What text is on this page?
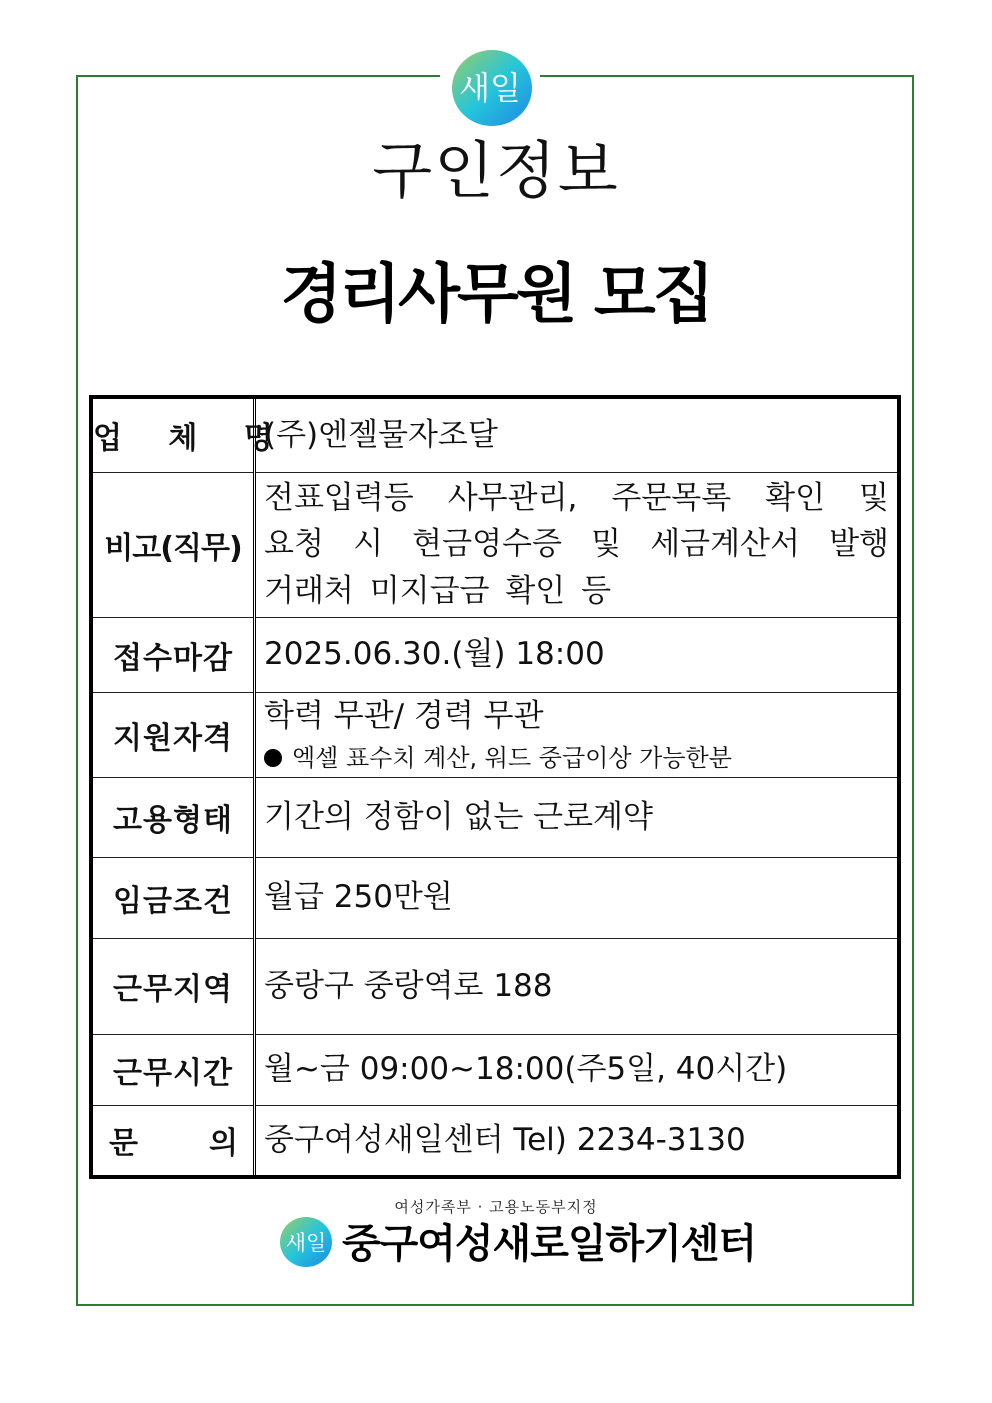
새일
구인정보
경리사무원 모집
업 체 명	(주)엔젤물자조달
비고(직무)	전표입력등 사무관리, 주문목록 확인 및
요청 시 현금영수증 및 세금계산서 발행
거래처 미지급금 확인 등

접수마감	2025.06.30.(월) 18:00
지원자격	학력 무관/ 경력 무관
엑셀 표수치 계산, 워드 중급이상 가능한분

고용형태	기간의 정함이 없는 근로계약
임금조건	월급 250만원
근무지역	중랑구 중랑역로 188
근무시간	월~금 09:00~18:00(주5일, 40시간)

문 의	중구여성새일센터 Tel) 2234-3130
여성가족부 · 고용노동부지정
새일 중구여성새로일하기센터
